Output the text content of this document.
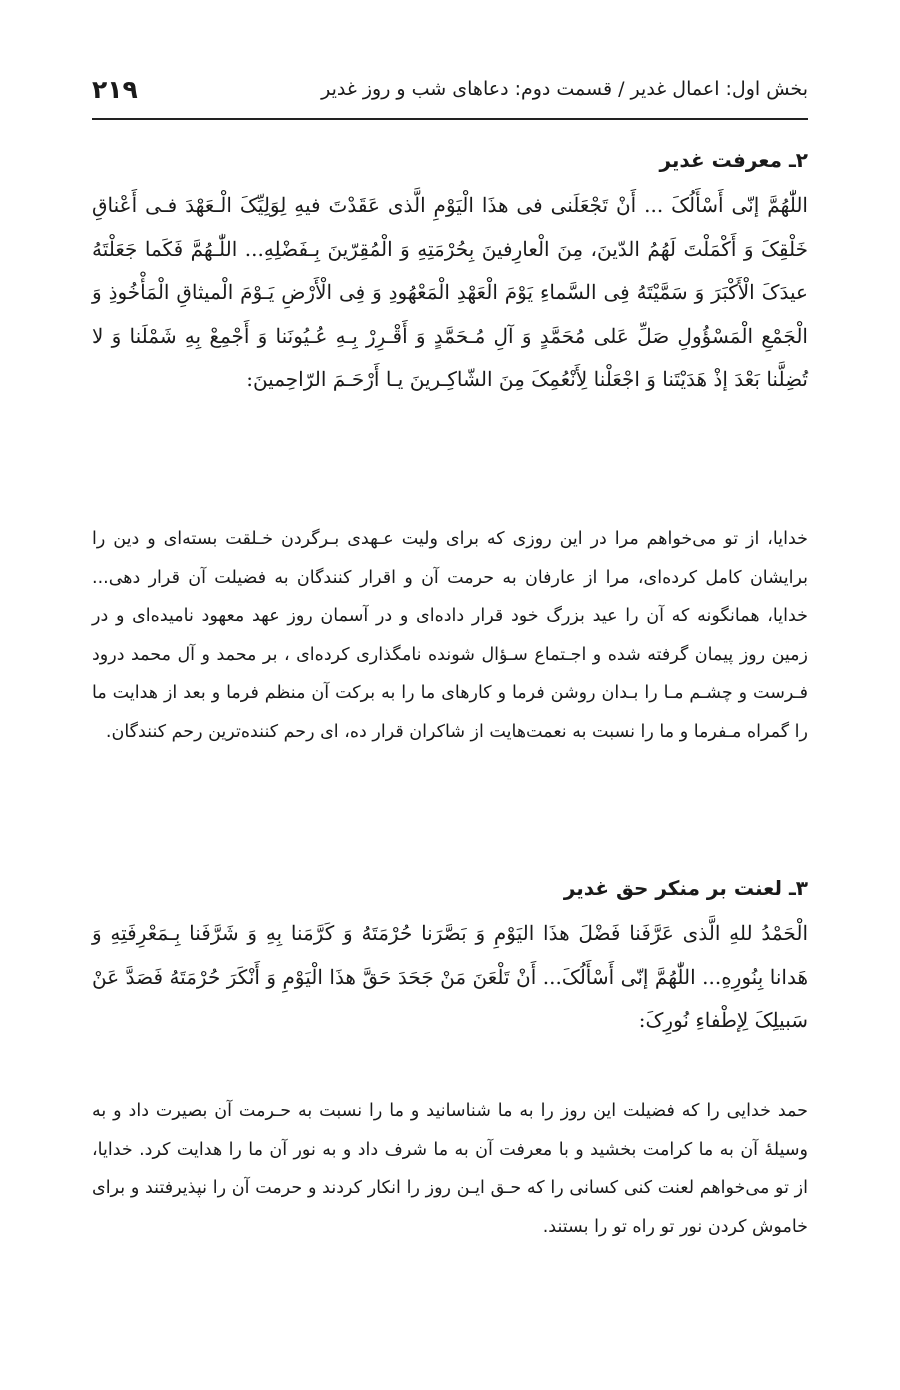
بخش اول: اعمال غدیر / قسمت دوم: دعاهای شب و روز غدیر
۲۱۹
۲ـ معرفت غدیر

اللّٰهُمَّ إنّی أَسْأَلُکَ ... أَنْ تَجْعَلَنی فی هذَا الْیَوْمِ الَّذی عَقَدْتَ فیهِ لِوَلِیِّکَ الْـعَهْدَ فـی أَعْناقِ خَلْقِکَ وَ أَکْمَلْتَ لَهُمُ الدّینَ، مِنَ الْعارِفینَ بِحُرْمَتِهِ وَ الْمُقِرّینَ بِـفَضْلِهِ... اللّٰـهُمَّ فَکَما جَعَلْتَهُ عیدَکَ الْأَکْبَرَ وَ سَمَّیْتَهُ فِی السَّماءِ یَوْمَ الْعَهْدِ الْمَعْهُودِ وَ فِی الْأَرْضِ یَـوْمَ الْمیثاقِ الْمَأْخُوذِ وَ الْجَمْعِ الْمَسْؤُولِ صَلِّ عَلی مُحَمَّدٍ وَ آلِ مُـحَمَّدٍ وَ أَقْـرِرْ بِـهِ عُـیُونَنا وَ أَجْمِعْ بِهِ شَمْلَنا وَ لا تُضِلَّنا بَعْدَ إذْ هَدَیْتَنا وَ اجْعَلْنا لِأَنْعُمِکَ مِنَ الشّاکِـرینَ یـا أَرْحَـمَ الرّاحِمینَ:

خدایا، از تو می‌خواهم مرا در این روزی که برای ولیت عـهدی بـرگردن خـلقت بسته‌ای و دین را برایشان کامل کرده‌ای، مرا از عارفان به حرمت آن و اقرار کنندگان به فضیلت آن قرار دهی... خدایا، همانگونه که آن را عید بزرگ خود قرار داده‌ای و در آسمان روز عهد معهود نامیده‌ای و در زمین روز پیمان گرفته شده و اجـتماع سـؤال شونده نامگذاری کرده‌ای ، بر محمد و آل محمد درود فـرست و چشـم مـا را بـدان روشن فرما و کارهای ما را به برکت آن منظم فرما و بعد از هدایت ما را گمراه مـفرما و ما را نسبت به نعمت‌هایت از شاکران قرار ده، ای رحم کننده‌ترین رحم کنندگان.

۳ـ لعنت بر منکر حق غدیر

الْحَمْدُ للهِ الَّذی عَرَّفَنا فَضْلَ هذَا الیَوْمِ وَ بَصَّرَنا حُرْمَتَهُ وَ کَرَّمَنا بِهِ وَ شَرَّفَنا بِـمَعْرِفَتِهِ وَ هَدانا بِنُورِهِ... اللّٰهُمَّ إنّی أَسْأَلُکَ... أَنْ تَلْعَنَ مَنْ جَحَدَ حَقَّ هذَا الْیَوْمِ وَ أَنْکَرَ حُرْمَتَهُ فَصَدَّ عَنْ سَبیلِکَ لِإطْفاءِ نُورِکَ:

حمد خدایی را که فضیلت این روز را به ما شناسانید و ما را نسبت به حـرمت آن بصیرت داد و به وسیلهٔ آن به ما کرامت بخشید و با معرفت آن به ما شرف داد و به نور آن ما را هدایت کرد. خدایا، از تو می‌خواهم لعنت کنی کسانی را که حـق ایـن روز را انکار کردند و حرمت آن را نپذیرفتند و برای خاموش کردن نور تو راه تو را بستند.
